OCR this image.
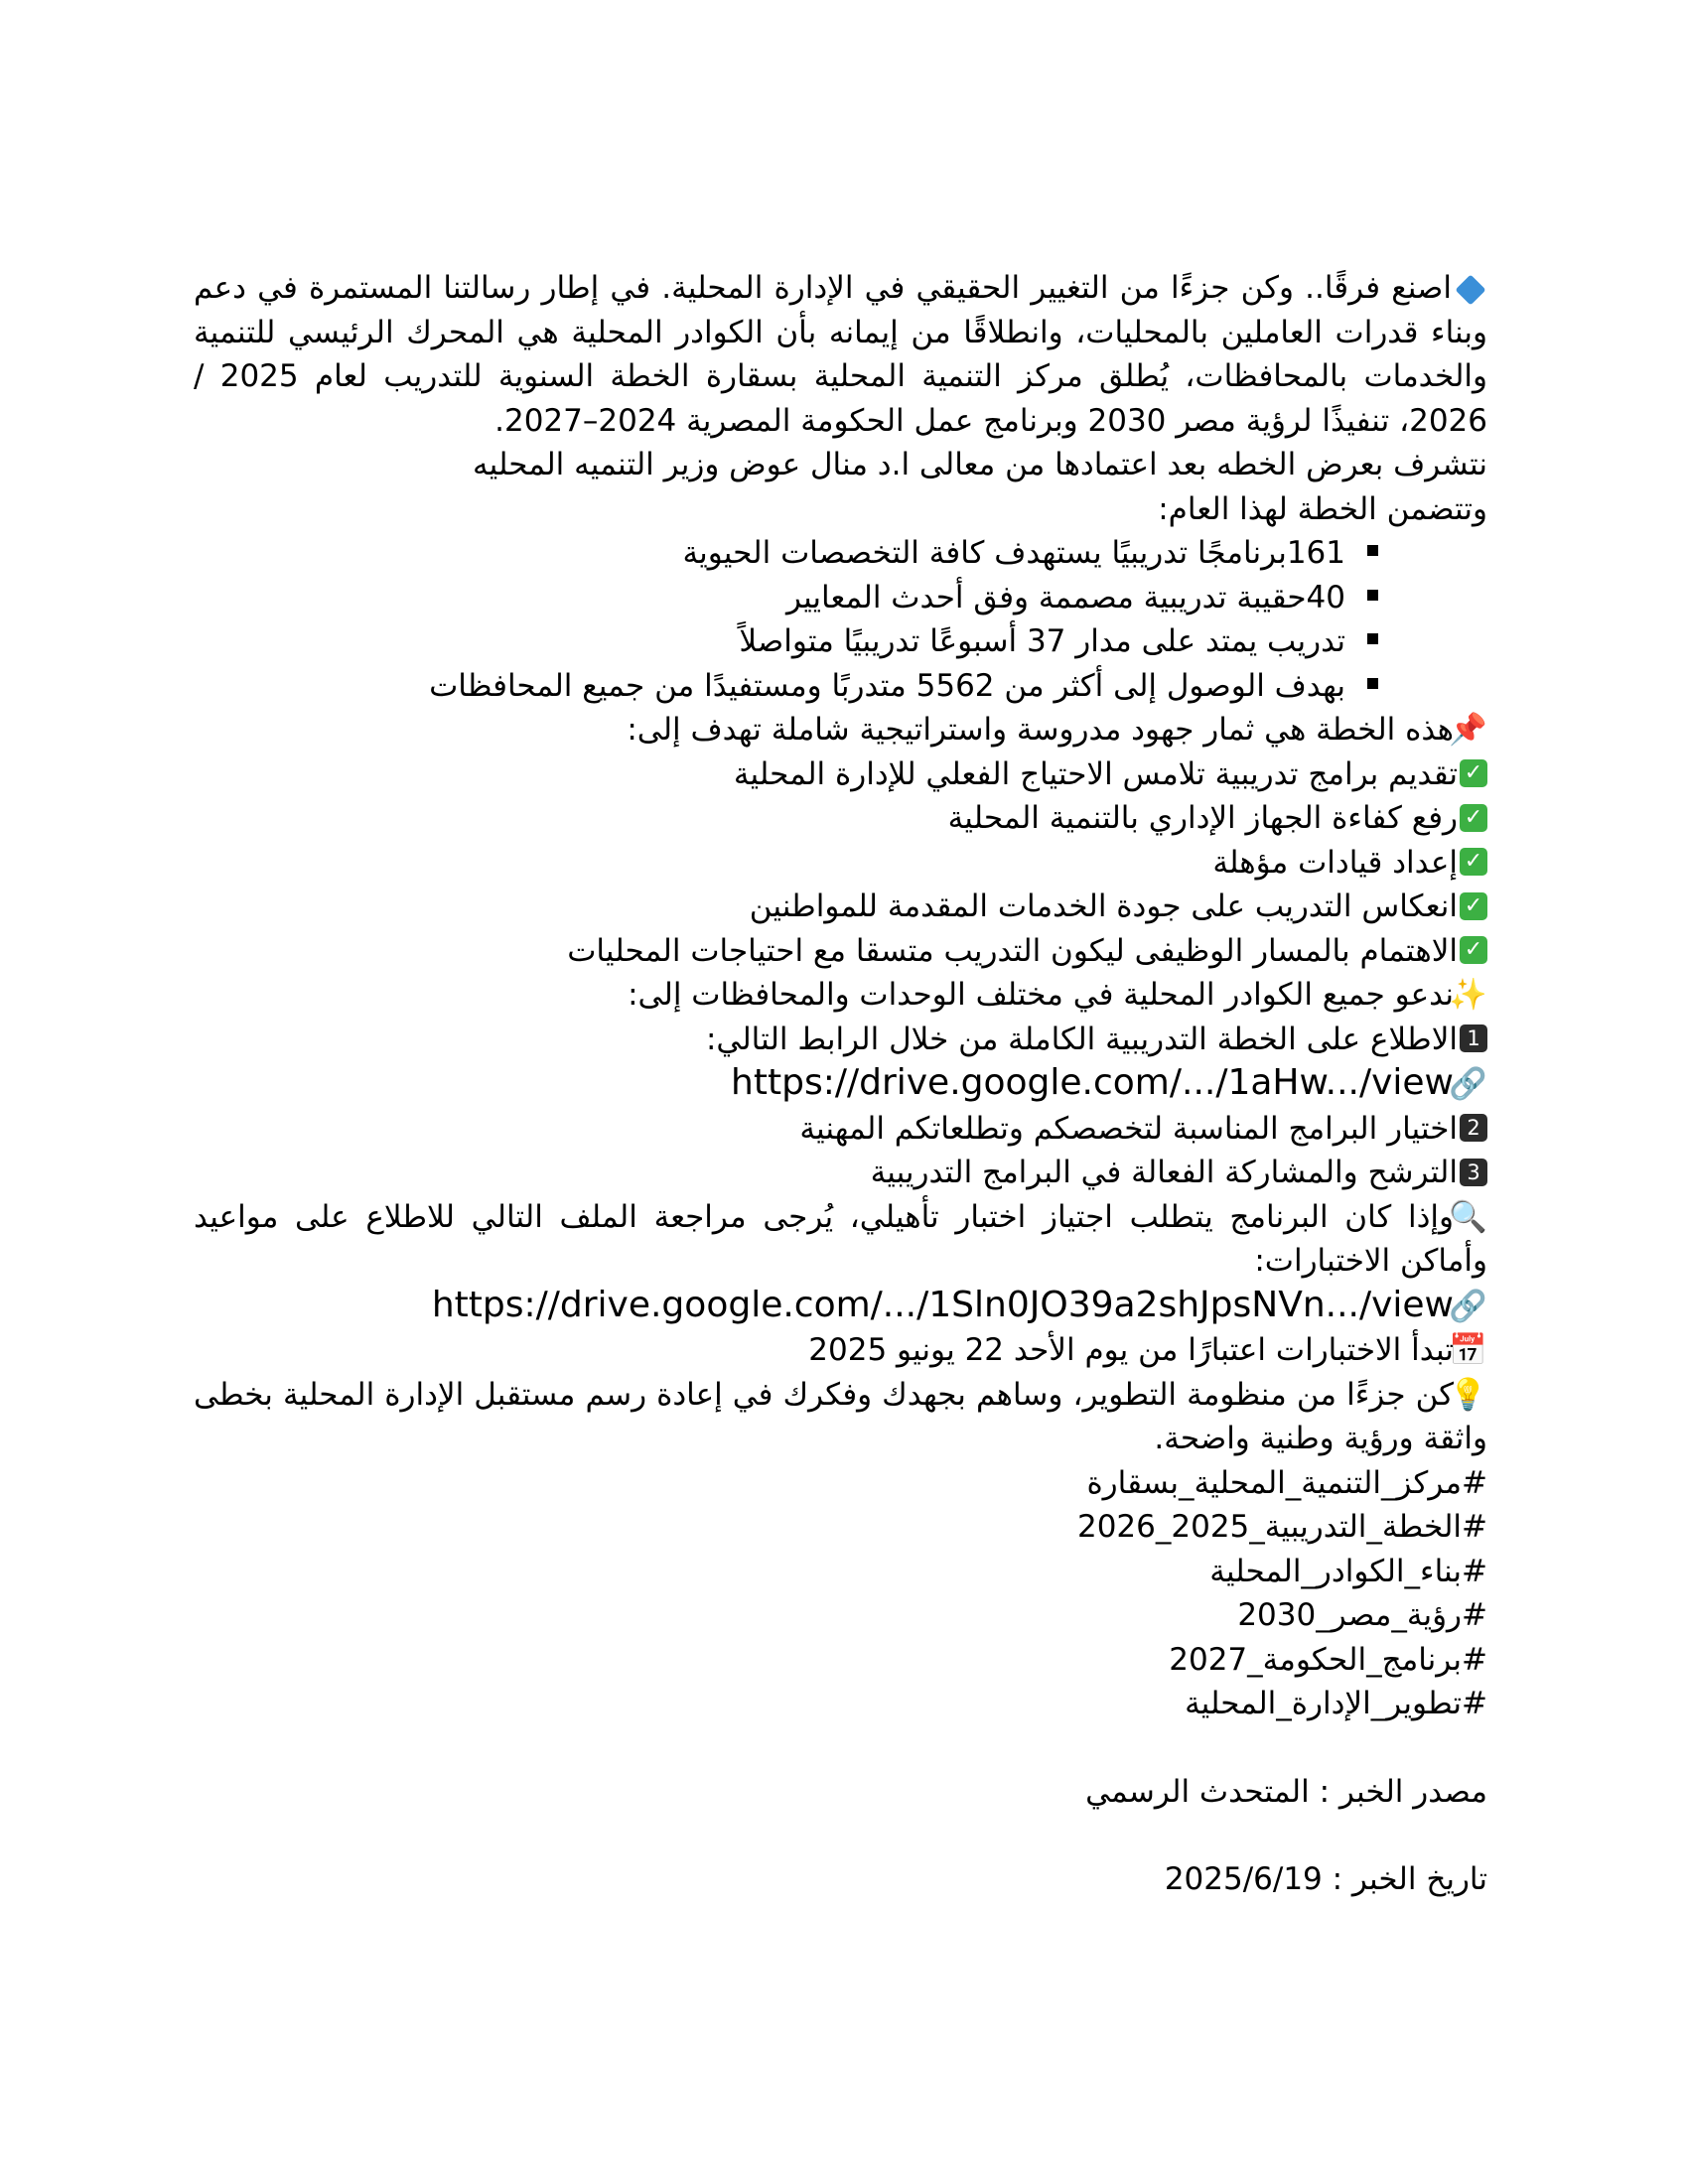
اصنع فرقًا.. وكن جزءًا من التغيير الحقيقي في الإدارة المحلية. في إطار رسالتنا المستمرة في دعم وبناء قدرات العاملين بالمحليات، وانطلاقًا من إيمانه بأن الكوادر المحلية هي المحرك الرئيسي للتنمية والخدمات بالمحافظات، يُطلق مركز التنمية المحلية بسقارة الخطة السنوية للتدريب لعام 2025 / 2026، تنفيذًا لرؤية مصر 2030 وبرنامج عمل الحكومة المصرية 2024–2027.

نتشرف بعرض الخطه بعد اعتمادها من معالى ا.د منال عوض وزير التنميه المحليه

وتتضمن الخطة لهذا العام:

161برنامجًا تدريبيًا يستهدف كافة التخصصات الحيوية
40حقيبة تدريبية مصممة وفق أحدث المعايير
تدريب يمتد على مدار 37 أسبوعًا تدريبيًا متواصلاً
بهدف الوصول إلى أكثر من 5562 متدربًا ومستفيدًا من جميع المحافظات

📌هذه الخطة هي ثمار جهود مدروسة واستراتيجية شاملة تهدف إلى:

✓تقديم برامج تدريبية تلامس الاحتياج الفعلي للإدارة المحلية

✓رفع كفاءة الجهاز الإداري بالتنمية المحلية

✓إعداد قيادات مؤهلة

✓انعكاس التدريب على جودة الخدمات المقدمة للمواطنين

✓الاهتمام بالمسار الوظيفى ليكون التدريب متسقا مع احتياجات المحليات

✨ندعو جميع الكوادر المحلية في مختلف الوحدات والمحافظات إلى:

1الاطلاع على الخطة التدريبية الكاملة من خلال الرابط التالي:

🔗https://drive.google.com/.../1aHw.../view

2اختيار البرامج المناسبة لتخصصكم وتطلعاتكم المهنية

3الترشح والمشاركة الفعالة في البرامج التدريبية

🔍وإذا كان البرنامج يتطلب اجتياز اختبار تأهيلي، يُرجى مراجعة الملف التالي للاطلاع على مواعيد وأماكن الاختبارات:

🔗https://drive.google.com/.../1Sln0JO39a2shJpsNVn.../view

📅تبدأ الاختبارات اعتبارًا من يوم الأحد 22 يونيو 2025

💡كن جزءًا من منظومة التطوير، وساهم بجهدك وفكرك في إعادة رسم مستقبل الإدارة المحلية بخطى واثقة ورؤية وطنية واضحة.

#مركز_التنمية_المحلية_بسقارة

#الخطة_التدريبية_2025_2026

#بناء_الكوادر_المحلية

#رؤية_مصر_2030

#برنامج_الحكومة_2027

#تطوير_الإدارة_المحلية

مصدر الخبر : المتحدث الرسمي

تاريخ الخبر : 2025/6/19
